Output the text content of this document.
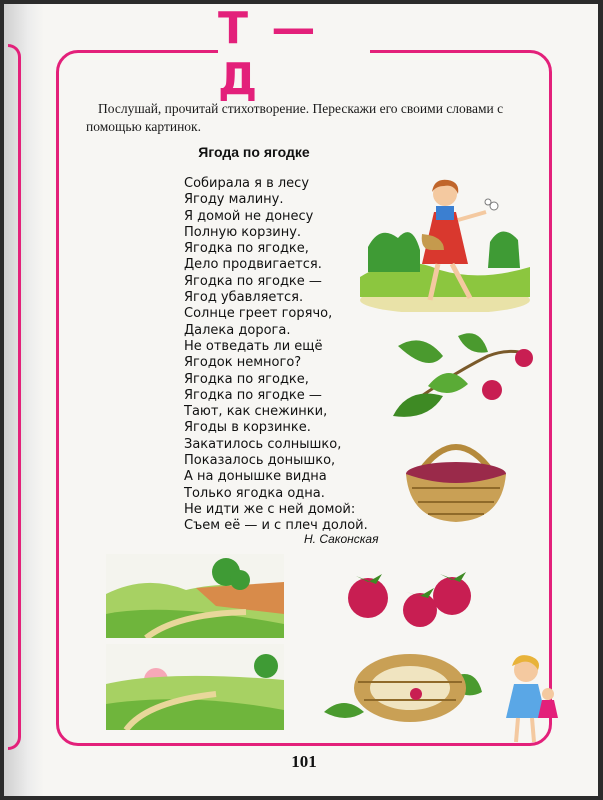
Т — Д
Послушай, прочитай стихотворение. Перескажи его своими словами с помощью картинок.
Ягода по ягодке
Собирала я в лесу
Ягоду малину.
Я домой не донесу
Полную корзину.
Ягодка по ягодке,
Дело продвигается.
Ягодка по ягодке —
Ягод убавляется.
Солнце греет горячо,
Далека дорога.
Не отведать ли ещё
Ягодок немного?
Ягодка по ягодке,
Ягодка по ягодке —
Тают, как снежинки,
Ягоды в корзинке.
Закатилось солнышко,
Показалось донышко,
А на донышке видна
Только ягодка одна.
Не идти же с ней домой:
Съем её — и с плеч долой.
Н. Саконская
101
